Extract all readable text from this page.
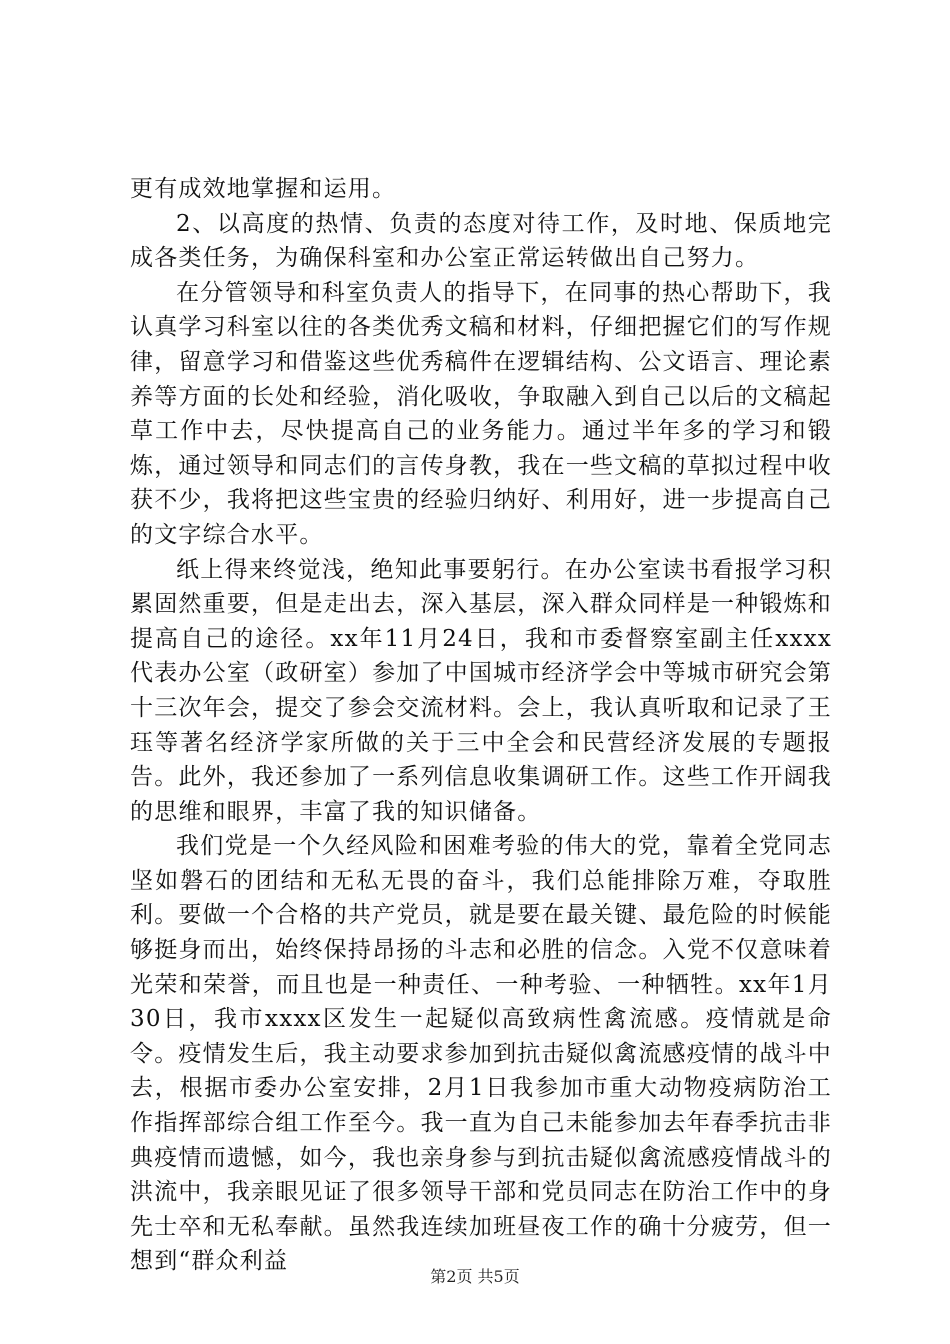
更有成效地掌握和运用。

2、以高度的热情、负责的态度对待工作，及时地、保质地完成各类任务，为确保科室和办公室正常运转做出自己努力。

在分管领导和科室负责人的指导下，在同事的热心帮助下，我认真学习科室以往的各类优秀文稿和材料，仔细把握它们的写作规律，留意学习和借鉴这些优秀稿件在逻辑结构、公文语言、理论素养等方面的长处和经验，消化吸收，争取融入到自己以后的文稿起草工作中去，尽快提高自己的业务能力。通过半年多的学习和锻炼，通过领导和同志们的言传身教，我在一些文稿的草拟过程中收获不少，我将把这些宝贵的经验归纳好、利用好，进一步提高自己的文字综合水平。

纸上得来终觉浅，绝知此事要躬行。在办公室读书看报学习积累固然重要，但是走出去，深入基层，深入群众同样是一种锻炼和提高自己的途径。xx年11月24日，我和市委督察室副主任xxxx代表办公室（政研室）参加了中国城市经济学会中等城市研究会第十三次年会，提交了参会交流材料。会上，我认真听取和记录了王珏等著名经济学家所做的关于三中全会和民营经济发展的专题报告。此外，我还参加了一系列信息收集调研工作。这些工作开阔我的思维和眼界，丰富了我的知识储备。

我们党是一个久经风险和困难考验的伟大的党，靠着全党同志坚如磐石的团结和无私无畏的奋斗，我们总能排除万难，夺取胜利。要做一个合格的共产党员，就是要在最关键、最危险的时候能够挺身而出，始终保持昂扬的斗志和必胜的信念。入党不仅意味着光荣和荣誉，而且也是一种责任、一种考验、一种牺牲。xx年1月30日，我市xxxx区发生一起疑似高致病性禽流感。疫情就是命令。疫情发生后，我主动要求参加到抗击疑似禽流感疫情的战斗中去，根据市委办公室安排，2月1日我参加市重大动物疫病防治工作指挥部综合组工作至今。我一直为自己未能参加去年春季抗击非典疫情而遗憾，如今，我也亲身参与到抗击疑似禽流感疫情战斗的洪流中，我亲眼见证了很多领导干部和党员同志在防治工作中的身先士卒和无私奉献。虽然我连续加班昼夜工作的确十分疲劳，但一想到“群众利益

第2页 共5页
